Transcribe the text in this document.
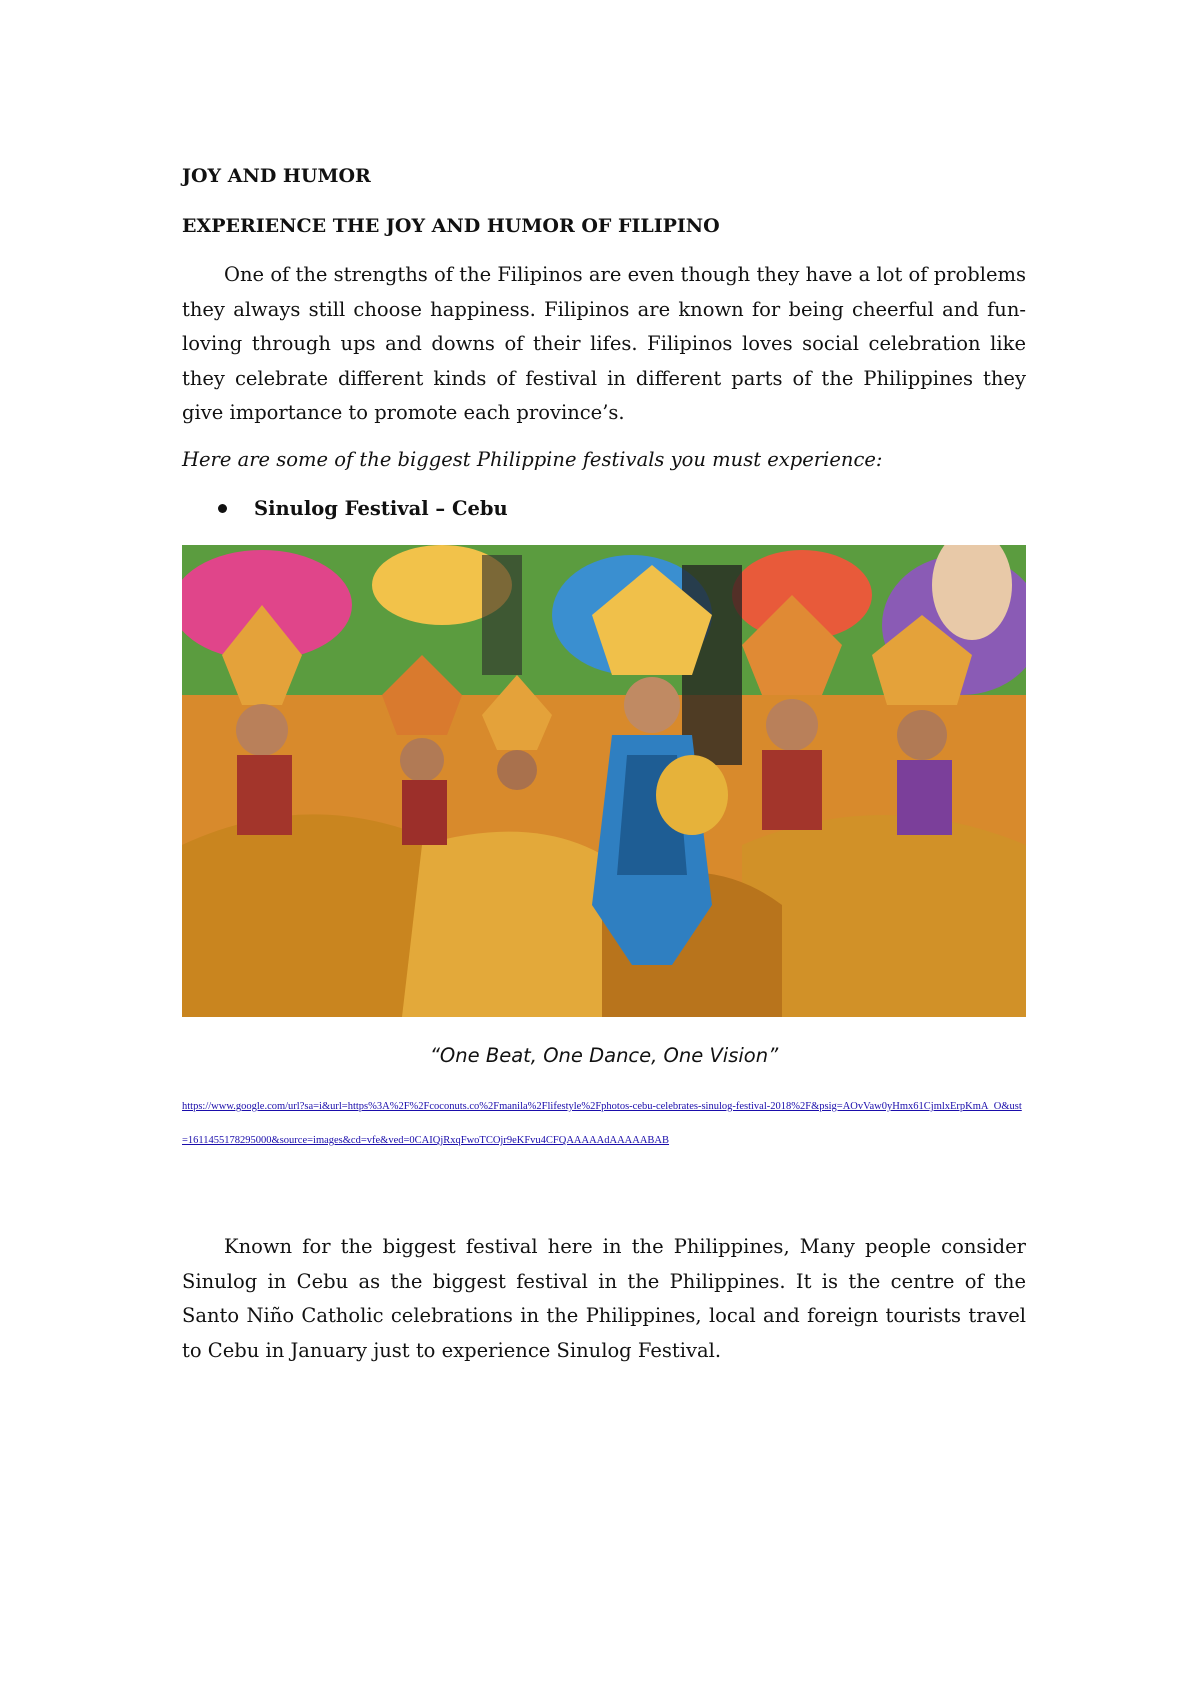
JOY AND HUMOR

EXPERIENCE THE JOY AND HUMOR OF FILIPINO

One of the strengths of the Filipinos are even though they have a lot of problems they always still choose happiness. Filipinos are known for being cheerful and fun-loving through ups and downs of their lifes. Filipinos loves social celebration like they celebrate different kinds of festival in different parts of the Philippines they give importance to promote each province’s.

Here are some of the biggest Philippine festivals you must experience:

Sinulog Festival – Cebu

“One Beat, One Dance, One Vision”

https://www.google.com/url?sa=i&url=https%3A%2F%2Fcoconuts.co%2Fmanila%2Flifestyle%2Fphotos-cebu-celebrates-sinulog-festival-2018%2F&psig=AOvVaw0yHmx61CjmlxErpKmA_O&ust=1611455178295000&source=images&cd=vfe&ved=0CAIQjRxqFwoTCOjr9eKFvu4CFQAAAAAdAAAAABAB

Known for the biggest festival here in the Philippines, Many people consider Sinulog in Cebu as the biggest festival in the Philippines. It is the centre of the Santo Niño Catholic celebrations in the Philippines, local and foreign tourists travel to Cebu in January just to experience Sinulog Festival.
